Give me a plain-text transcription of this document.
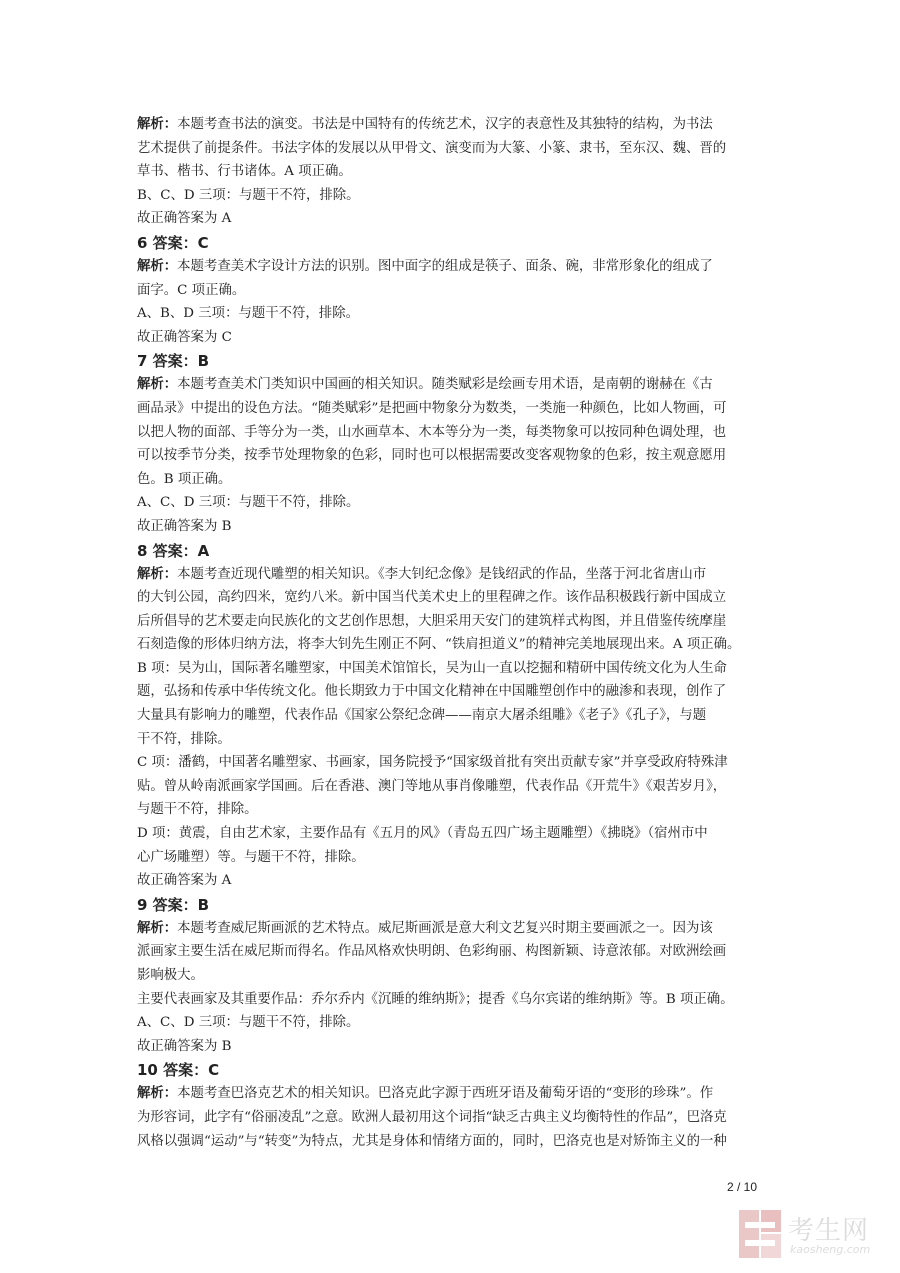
解析：本题考查书法的演变。书法是中国特有的传统艺术，汉字的表意性及其独特的结构，为书法
艺术提供了前提条件。书法字体的发展以从甲骨文、演变而为大篆、小篆、隶书，至东汉、魏、晋的
草书、楷书、行书诸体。A 项正确。
B、C、D 三项：与题干不符，排除。
故正确答案为 A
6 答案：C
解析：本题考查美术字设计方法的识别。图中面字的组成是筷子、面条、碗，非常形象化的组成了
面字。C 项正确。
A、B、D 三项：与题干不符，排除。
故正确答案为 C
7 答案：B
解析：本题考查美术门类知识中国画的相关知识。随类赋彩是绘画专用术语，是南朝的谢赫在《古
画品录》中提出的设色方法。“随类赋彩”是把画中物象分为数类，一类施一种颜色，比如人物画，可
以把人物的面部、手等分为一类，山水画草本、木本等分为一类，每类物象可以按同种色调处理，也
可以按季节分类，按季节处理物象的色彩，同时也可以根据需要改变客观物象的色彩，按主观意愿用
色。B 项正确。
A、C、D 三项：与题干不符，排除。
故正确答案为 B
8 答案：A
解析：本题考查近现代雕塑的相关知识。《李大钊纪念像》是钱绍武的作品，坐落于河北省唐山市
的大钊公园，高约四米，宽约八米。新中国当代美术史上的里程碑之作。该作品积极践行新中国成立
后所倡导的艺术要走向民族化的文艺创作思想，大胆采用天安门的建筑样式构图，并且借鉴传统摩崖
石刻造像的形体归纳方法，将李大钊先生刚正不阿、“铁肩担道义”的精神完美地展现出来。A 项正确。
B 项：吴为山，国际著名雕塑家，中国美术馆馆长，吴为山一直以挖掘和精研中国传统文化为人生命
题，弘扬和传承中华传统文化。他长期致力于中国文化精神在中国雕塑创作中的融渗和表现，创作了
大量具有影响力的雕塑，代表作品《国家公祭纪念碑——南京大屠杀组雕》《老子》《孔子》，与题
干不符，排除。
C 项：潘鹤，中国著名雕塑家、书画家，国务院授予“国家级首批有突出贡献专家”并享受政府特殊津
贴。曾从岭南派画家学国画。后在香港、澳门等地从事肖像雕塑，代表作品《开荒牛》《艰苦岁月》，
与题干不符，排除。
D 项：黄震，自由艺术家，主要作品有《五月的风》（青岛五四广场主题雕塑）《拂晓》（宿州市中
心广场雕塑）等。与题干不符，排除。
故正确答案为 A
9 答案：B
解析：本题考查威尼斯画派的艺术特点。威尼斯画派是意大利文艺复兴时期主要画派之一。因为该
派画家主要生活在威尼斯而得名。作品风格欢快明朗、色彩绚丽、构图新颖、诗意浓郁。对欧洲绘画
影响极大。
主要代表画家及其重要作品：乔尔乔内《沉睡的维纳斯》；提香《乌尔宾诺的维纳斯》等。B 项正确。
A、C、D 三项：与题干不符，排除。
故正确答案为 B
10 答案：C
解析：本题考查巴洛克艺术的相关知识。巴洛克此字源于西班牙语及葡萄牙语的“变形的珍珠”。作
为形容词，此字有“俗丽凌乱”之意。欧洲人最初用这个词指“缺乏古典主义均衡特性的作品”，巴洛克
风格以强调“运动”与“转变”为特点，尤其是身体和情绪方面的，同时，巴洛克也是对矫饰主义的一种
2 / 10
考生网
kaosheng.com
